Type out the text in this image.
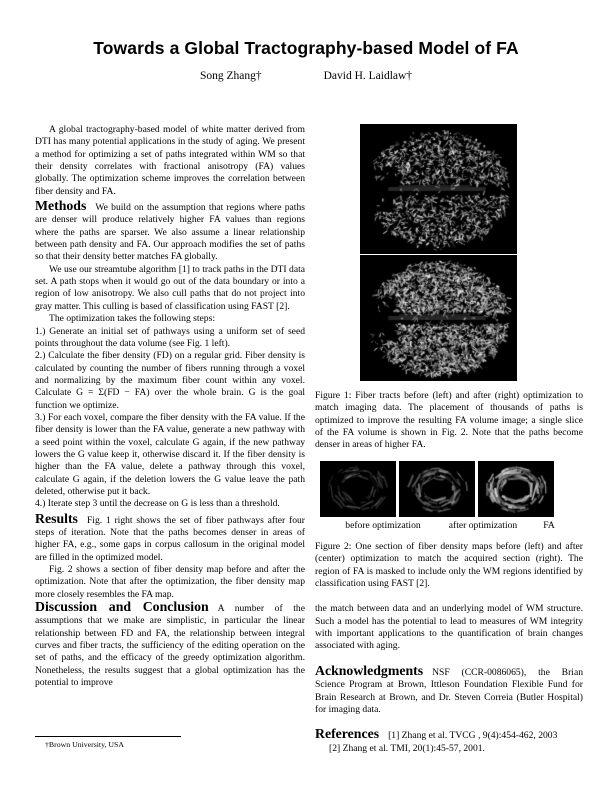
Towards a Global Tractography-based Model of FA
Song Zhang†	David H. Laidlaw†

A global tractography-based model of white matter derived from DTI has many potential applications in the study of aging. We present a method for optimizing a set of paths integrated within WM so that their density correlates with fractional anisotropy (FA) values globally. The optimization scheme improves the correlation between fiber density and FA.

Methods We build on the assumption that regions where paths are denser will produce relatively higher FA values than regions where the paths are sparser. We also assume a linear relationship between path density and FA. Our approach modifies the set of paths so that their density better matches FA globally.

We use our streamtube algorithm [1] to track paths in the DTI data set. A path stops when it would go out of the data boundary or into a region of low anisotropy. We also cull paths that do not project into gray matter. This culling is based of classification using FAST [2].

The optimization takes the following steps:

1.) Generate an initial set of pathways using a uniform set of seed points throughout the data volume (see Fig. 1 left).

2.) Calculate the fiber density (FD) on a regular grid. Fiber density is calculated by counting the number of fibers running through a voxel and normalizing by the maximum fiber count within any voxel. Calculate G = Σ(FD − FA) over the whole brain. G is the goal function we optimize.

3.) For each voxel, compare the fiber density with the FA value. If the fiber density is lower than the FA value, generate a new pathway with a seed point within the voxel, calculate G again, if the new pathway lowers the G value keep it, otherwise discard it. If the fiber density is higher than the FA value, delete a pathway through this voxel, calculate G again, if the deletion lowers the G value leave the path deleted, otherwise put it back.

4.) Iterate step 3 until the decrease on G is less than a threshold.

Results Fig. 1 right shows the set of fiber pathways after four steps of iteration. Note that the paths becomes denser in areas of higher FA, e.g., some gaps in corpus callosum in the original model are filled in the optimized model.

Fig. 2 shows a section of fiber density map before and after the optimization. Note that after the optimization, the fiber density map more closely resembles the FA map.

Discussion and Conclusion A number of the assumptions that we make are simplistic, in particular the linear relationship between FD and FA, the relationship between integral curves and fiber tracts, the sufficiency of the editing operation on the set of paths, and the efficacy of the greedy optimization algorithm. Nonetheless, the results suggest that a global optimization has the potential to improve

†Brown University, USA

Figure 1: Fiber tracts before (left) and after (right) optimization to match imaging data. The placement of thousands of paths is optimized to improve the resulting FA volume image; a single slice of the FA volume is shown in Fig. 2. Note that the paths become denser in areas of higher FA.

before optimization	after optimization	FA

Figure 2: One section of fiber density maps before (left) and after (center) optimization to match the acquired section (right). The region of FA is masked to include only the WM regions identified by classification using FAST [2].

the match between data and an underlying model of WM structure. Such a model has the potential to lead to measures of WM integrity with important applications to the quantification of brain changes associated with aging.

Acknowledgments NSF (CCR-0086065), the Brian Science Program at Brown, Ittleson Foundation Flexible Fund for Brain Research at Brown, and Dr. Steven Correia (Butler Hospital) for imaging data.

References [1] Zhang et al. TVCG , 9(4):454-462, 2003

[2] Zhang et al. TMI, 20(1):45-57, 2001.
